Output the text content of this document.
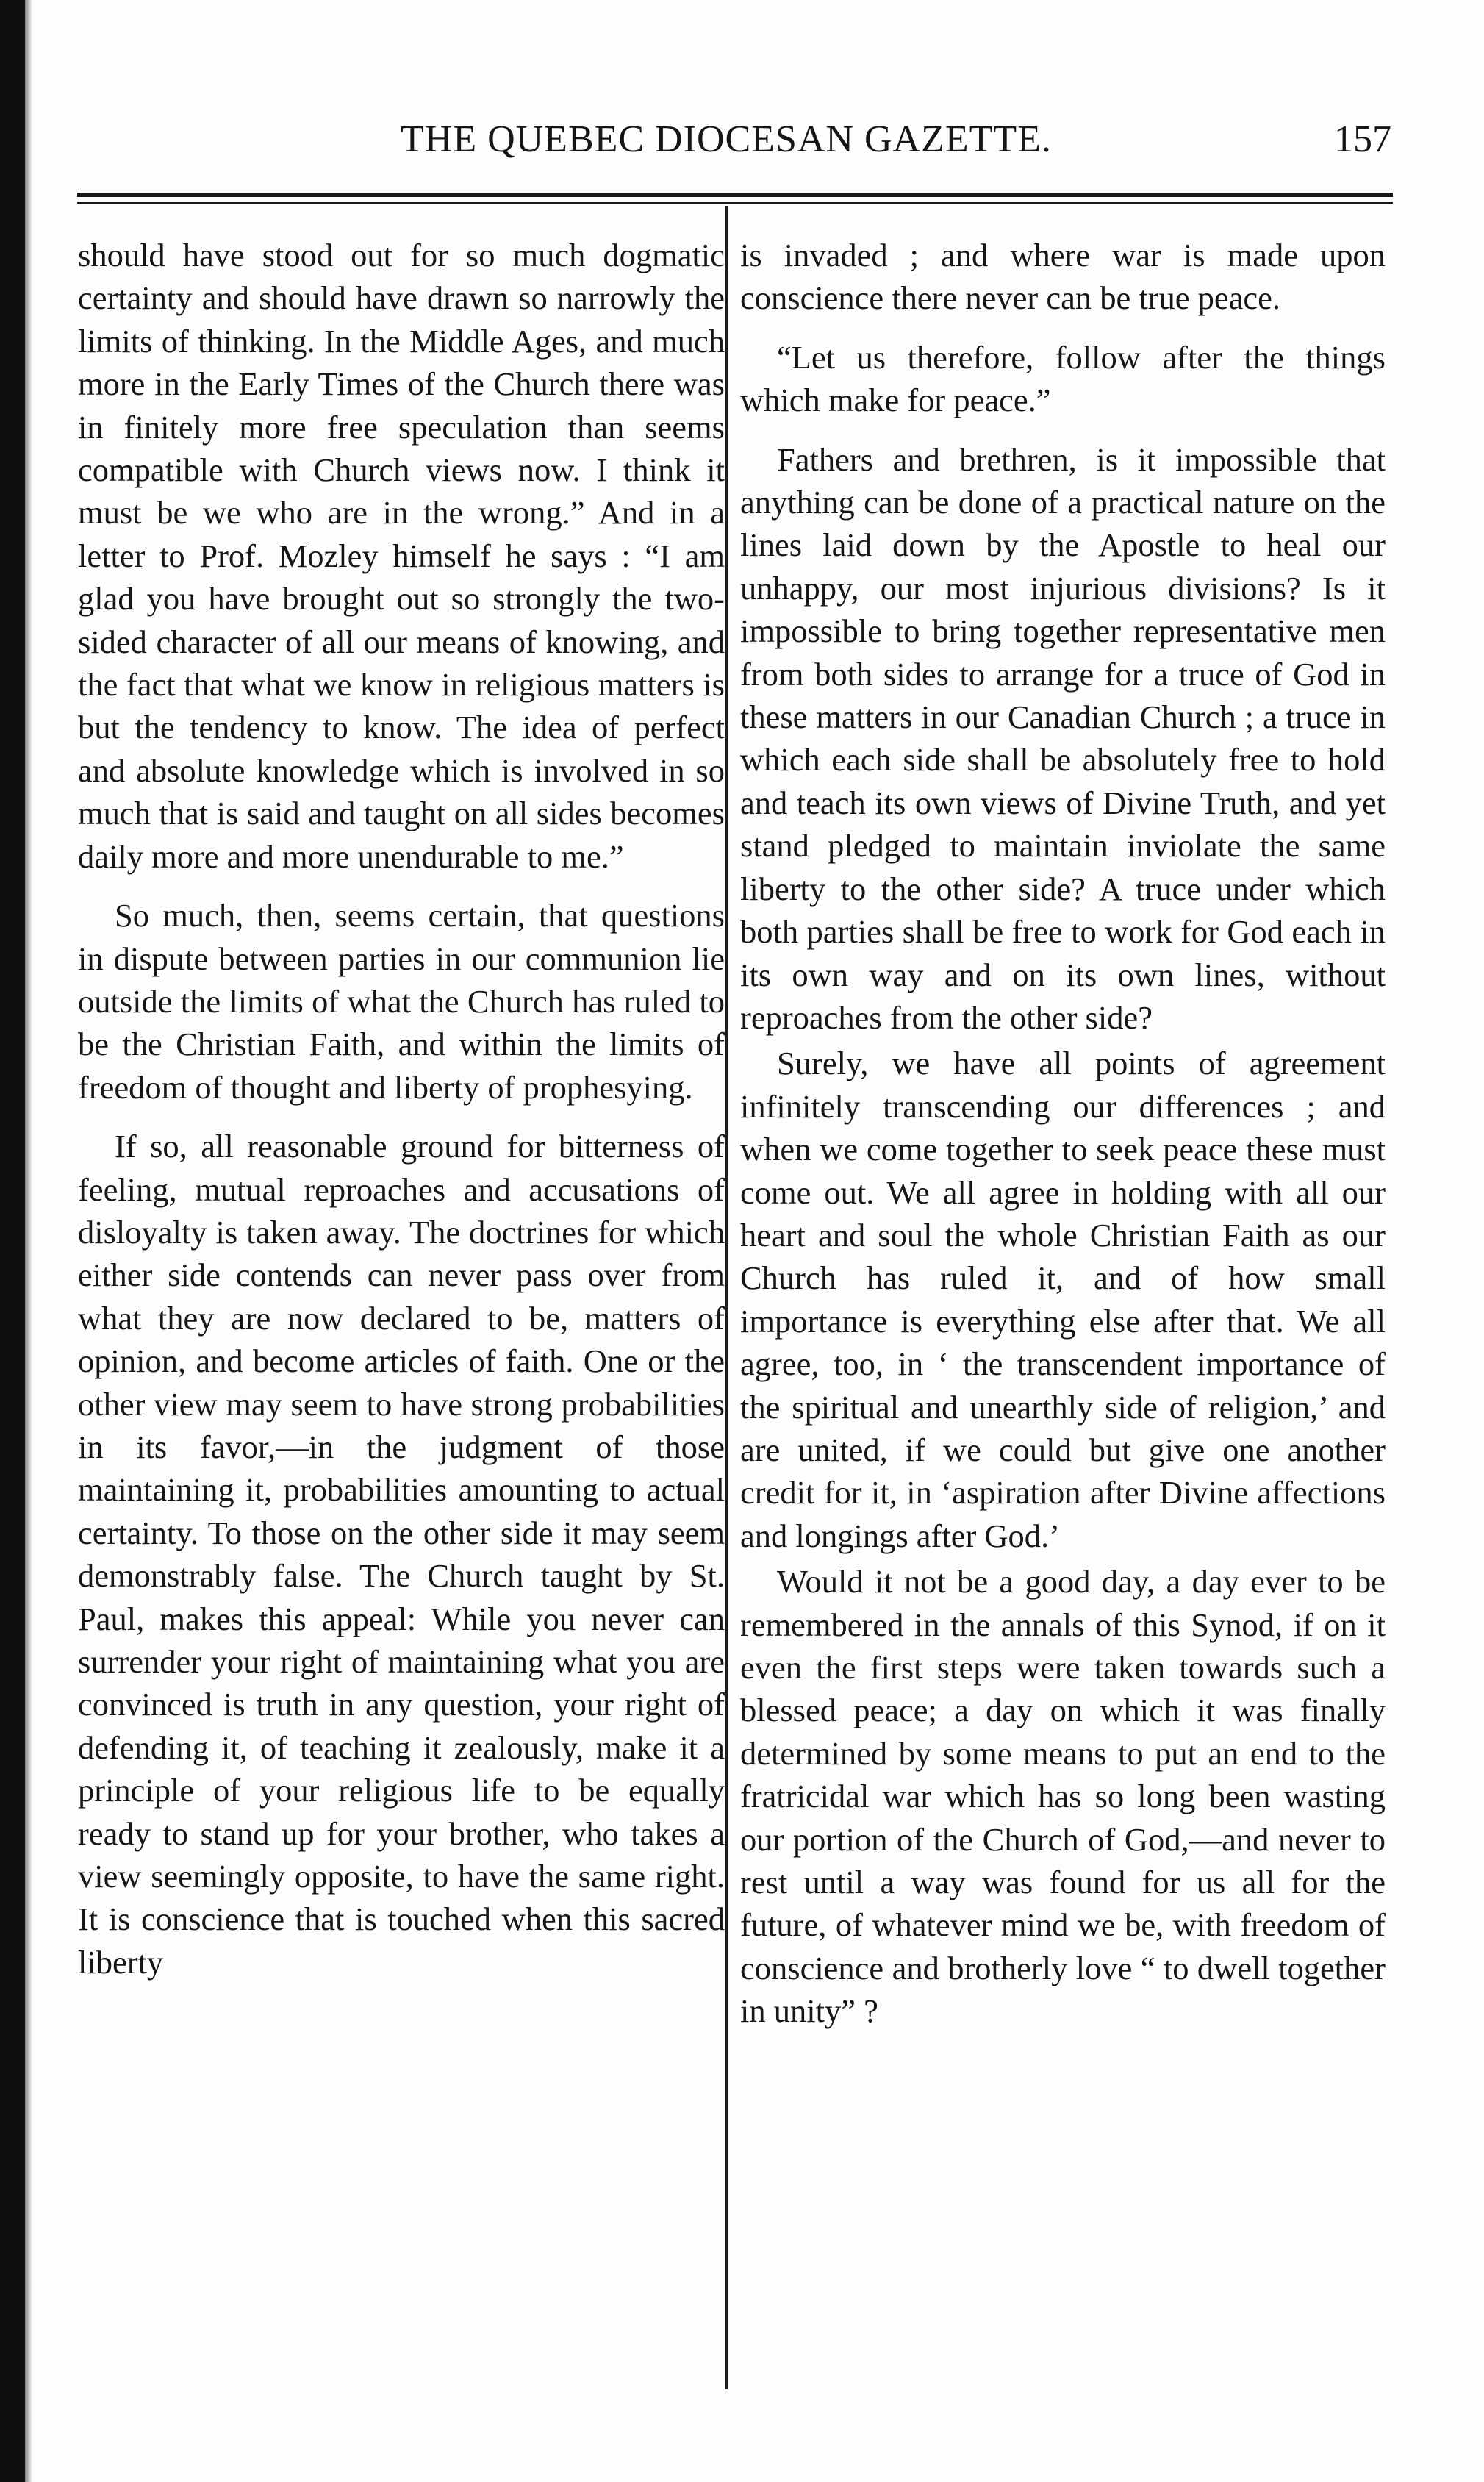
THE QUEBEC DIOCESAN GAZETTE.	157

should have stood out for so much dogmatic certainty and should have drawn so narrowly the limits of thinking. In the Middle Ages, and much more in the Early Times of the Church there was in finitely more free speculation than seems compatible with Church views now. I think it must be we who are in the wrong.” And in a letter to Prof. Mozley himself he says : “I am glad you have brought out so strongly the two-sided character of all our means of knowing, and the fact that what we know in religious matters is but the tendency to know. The idea of perfect and absolute knowledge which is involved in so much that is said and taught on all sides becomes daily more and more unendurable to me.”

So much, then, seems certain, that questions in dispute between parties in our communion lie outside the limits of what the Church has ruled to be the Christian Faith, and within the limits of freedom of thought and liberty of prophesying.

If so, all reasonable ground for bitterness of feeling, mutual reproaches and accusations of disloyalty is taken away. The doctrines for which either side contends can never pass over from what they are now declared to be, matters of opinion, and become articles of faith. One or the other view may seem to have strong probabilities in its favor,—in the judgment of those maintaining it, probabilities amounting to actual certainty. To those on the other side it may seem demonstrably false. The Church taught by St. Paul, makes this appeal: While you never can surrender your right of maintaining what you are convinced is truth in any question, your right of defending it, of teaching it zealously, make it a principle of your religious life to be equally ready to stand up for your brother, who takes a view seemingly opposite, to have the same right. It is conscience that is touched when this sacred liberty

is invaded ; and where war is made upon conscience there never can be true peace.

“Let us therefore, follow after the things which make for peace.”

Fathers and brethren, is it impossible that anything can be done of a practical nature on the lines laid down by the Apostle to heal our unhappy, our most injurious divisions? Is it impossible to bring together representative men from both sides to arrange for a truce of God in these matters in our Canadian Church ; a truce in which each side shall be absolutely free to hold and teach its own views of Divine Truth, and yet stand pledged to maintain inviolate the same liberty to the other side? A truce under which both parties shall be free to work for God each in its own way and on its own lines, without reproaches from the other side?

Surely, we have all points of agreement infinitely transcending our differences ; and when we come together to seek peace these must come out. We all agree in holding with all our heart and soul the whole Christian Faith as our Church has ruled it, and of how small importance is everything else after that. We all agree, too, in ‘ the transcendent importance of the spiritual and unearthly side of religion,’ and are united, if we could but give one another credit for it, in ‘aspiration after Divine affections and longings after God.’

Would it not be a good day, a day ever to be remembered in the annals of this Synod, if on it even the first steps were taken towards such a blessed peace; a day on which it was finally determined by some means to put an end to the fratricidal war which has so long been wasting our portion of the Church of God,—and never to rest until a way was found for us all for the future, of whatever mind we be, with freedom of conscience and brotherly love “ to dwell together in unity” ?
